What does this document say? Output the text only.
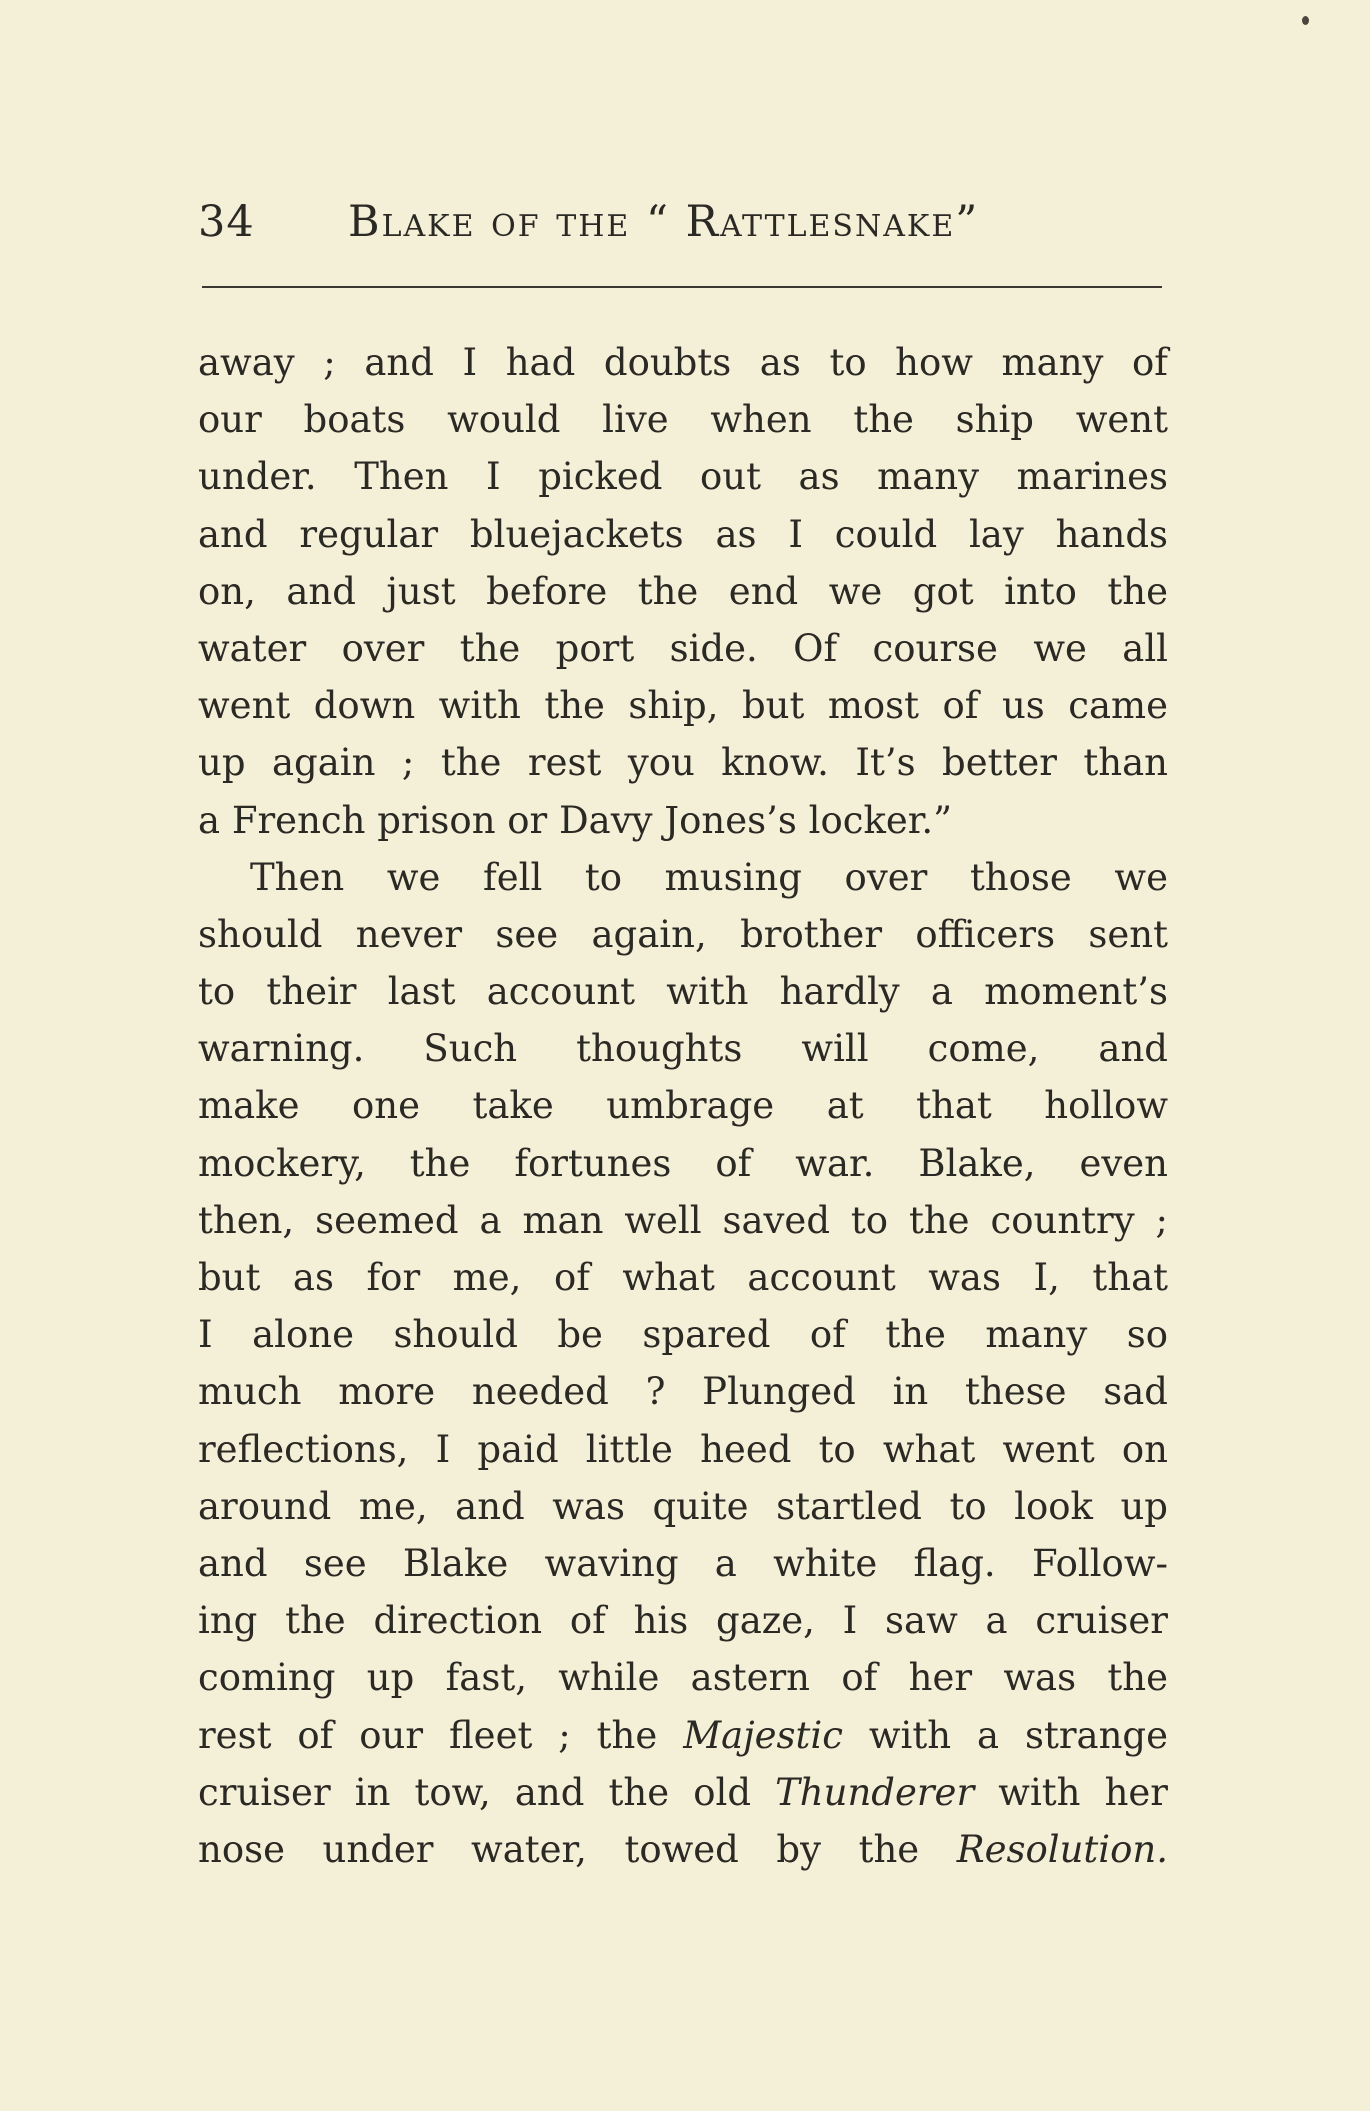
34 Blake of the “ Rattlesnake”
away ; and I had doubts as to how many of
our boats would live when the ship went
under. Then I picked out as many marines
and regular bluejackets as I could lay hands
on, and just before the end we got into the
water over the port side. Of course we all
went down with the ship, but most of us came
up again ; the rest you know. It’s better than
a French prison or Davy Jones’s locker.”
Then we fell to musing over those we
should never see again, brother officers sent
to their last account with hardly a moment’s
warning. Such thoughts will come, and
make one take umbrage at that hollow
mockery, the fortunes of war. Blake, even
then, seemed a man well saved to the country ;
but as for me, of what account was I, that
I alone should be spared of the many so
much more needed ? Plunged in these sad
reflections, I paid little heed to what went on
around me, and was quite startled to look up
and see Blake waving a white flag. Follow-
ing the direction of his gaze, I saw a cruiser
coming up fast, while astern of her was the
rest of our fleet ; the Majestic with a strange
cruiser in tow, and the old Thunderer with her
nose under water, towed by the Resolution.
